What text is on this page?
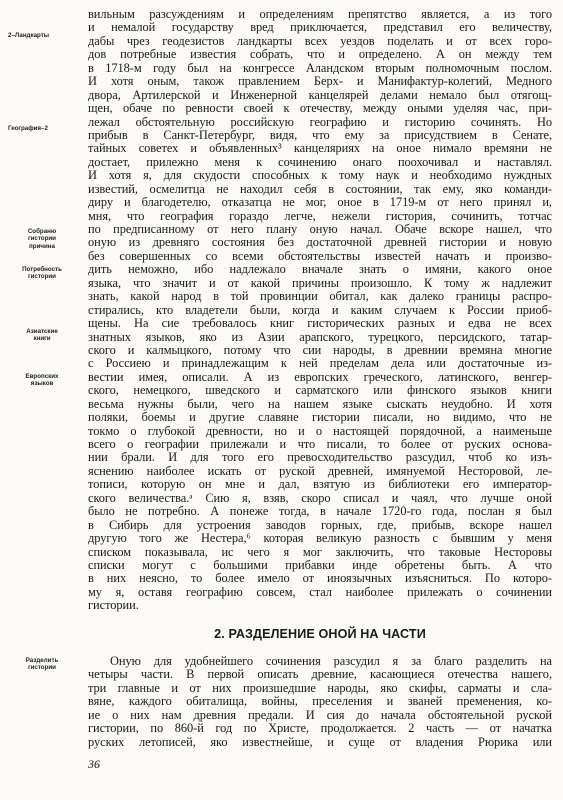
2–Ландкарты
География–2
Собраню
гистории
причина
Потребность
гистории
Азиатские
книги
Европских
языков
Разделить
гистории
вильным разсуждениям и определениям препятство является, а из того
и немалой государству вред приключается, представил его величеству,
дабы чрез геодезистов ландкарты всех уездов поделать и от всех горо-
дов потребные известия собрать, что и определено. А он между тем
в 1718-м году был на конгрессе Аландском вторым полномочным послом.
И хотя оным, також правлением Берх- и Манифактур-колегий, Медного
двора, Артилерской и Инженерной канцелярей делами немало был отягощ-
щен, обаче по ревности своей к отечеству, между оными уделяя час, при-
лежал обстоятельную российскую географию и гисторию сочинять. Но
прибыв в Санкт-Петербург, видя, что ему за присудствием в Сенате,
тайных советех и объявленных³ канцеляриях на оное нимало времяни не
достает, прилежно меня к сочинению онаго поохочивал и наставлял.
И хотя я, для скудости способных к тому наук и необходимо нуждных
известий, осмелитца не находил себя в состоянии, так ему, яко команди-
диру и благодетелю, отказатца не мог, оное в 1719-м от него принял и,
мня, что география гораздо легче, нежели гистория, сочинить, тотчас
по предписанному от него плану оную начал. Обаче вскоре нашел, что
оную из древняго состояния без достаточной древней гистории и новую
без совершенных со всеми обстоятельствы известей начать и произво-
дить неможно, ибо надлежало вначале знать о имяни, какого оное
языка, что значит и от какой причины произошло. К тому ж надлежит
знать, какой народ в той провинции обитал, как далеко границы распро-
стирались, кто владетели были, когда и каким случаем к России приоб-
щены. На сие требовалось книг гисторических разных и едва не всех
знатных языков, яко из Азии арапского, турецкого, персидского, татар-
ского и калмыцкого, потому что сии народы, в древнии времяна многие
с Россиею и принадлежащим к ней пределам дела или достаточные из-
вестии имея, описали. А из европских греческого, латинского, венгер-
ского, немецкого, шведского и сарматского или финского языков книги
весьма нужны были, чего на нашем языке сыскать неудобно. И хотя
поляки, боемы и другие славяне гистории писали, но видимо, что не
токмо о глубокой древности, но и о настоящей порядочной, а наименьше
всего о географии прилежали и что писали, то более от руских основа-
нии брали. И для того его превосходительство разсудил, чтоб ко изъ-
яснению наиболее искать от руской древней, имянуемой Несторовой, ле-
тописи, которую он мне и дал, взятую из библиотеки его император-
ского величества.ᵃ Сию я, взяв, скоро списал и чаял, что лучше оной
было не потребно. А понеже тогда, в начале 1720-го года, послан я был
в Сибирь для устроения заводов горных, где, прибыв, вскоре нашел
другую того же Нестера,⁶ которая великую разность с бывшим у меня
списком показывала, ис чего я мог заключить, что таковые Несторовы
списки могут с большими прибавки инде обретены быть. А что
в них неясно, то более имело от иноязычных изъясниться. По которо-
му я, оставя географию совсем, стал наиболее прилежать о сочинении
гистории.
2. РАЗДЕЛЕНИЕ ОНОЙ НА ЧАСТИ
Оную для удобнейшего сочинения разсудил я за благо разделить на
четыры части. В первой описать древние, касающиеся отечества нашего,
три главные и от них произшедшие народы, яко скифы, сарматы и сла-
вяне, каждого обиталища, войны, преселения и званей пременения, ко-
ие о них нам древния предали. И сия до начала обстоятельной руской
гистории, по 860-й год по Христе, продолжается. 2 часть — от начатка
руских летописей, яко известнейше, и суще от владения Рюрика или
36
